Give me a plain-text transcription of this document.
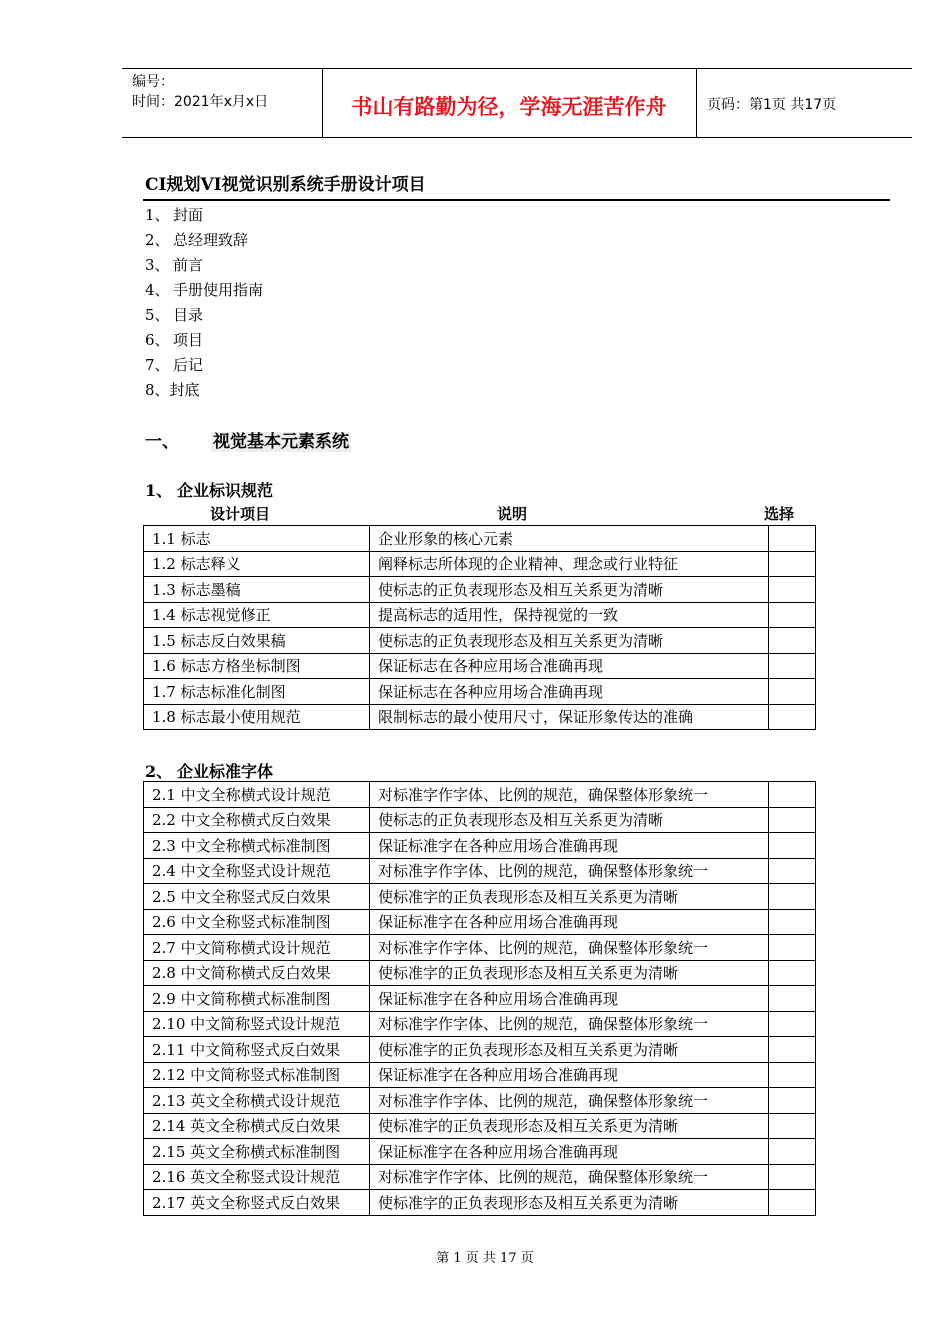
编号：
时间：2021年x月x日	书山有路勤为径，学海无涯苦作舟	页码：第1页 共17页
CI规划VI视觉识别系统手册设计项目
1、 封面
2、 总经理致辞
3、 前言
4、 手册使用指南
5、 目录
6、 项目
7、 后记
8、封底
一、 视觉基本元素系统
1、 企业标识规范
设计项目	说明	选择
1.1 标志	企业形象的核心元素	
1.2 标志释义	阐释标志所体现的企业精神、理念或行业特征	
1.3 标志墨稿	使标志的正负表现形态及相互关系更为清晰	
1.4 标志视觉修正	提高标志的适用性，保持视觉的一致	
1.5 标志反白效果稿	使标志的正负表现形态及相互关系更为清晰	
1.6 标志方格坐标制图	保证标志在各种应用场合准确再现	
1.7 标志标准化制图	保证标志在各种应用场合准确再现	
1.8 标志最小使用规范	限制标志的最小使用尺寸，保证形象传达的准确	
2、 企业标准字体
2.1 中文全称横式设计规范	对标准字作字体、比例的规范，确保整体形象统一	
2.2 中文全称横式反白效果	使标志的正负表现形态及相互关系更为清晰	
2.3 中文全称横式标准制图	保证标准字在各种应用场合准确再现	
2.4 中文全称竖式设计规范	对标准字作字体、比例的规范，确保整体形象统一	
2.5 中文全称竖式反白效果	使标准字的正负表现形态及相互关系更为清晰	
2.6 中文全称竖式标准制图	保证标准字在各种应用场合准确再现	
2.7 中文简称横式设计规范	对标准字作字体、比例的规范，确保整体形象统一	
2.8 中文简称横式反白效果	使标准字的正负表现形态及相互关系更为清晰	
2.9 中文简称横式标准制图	保证标准字在各种应用场合准确再现	
2.10 中文简称竖式设计规范	对标准字作字体、比例的规范，确保整体形象统一	
2.11 中文简称竖式反白效果	使标准字的正负表现形态及相互关系更为清晰	
2.12 中文简称竖式标准制图	保证标准字在各种应用场合准确再现	
2.13 英文全称横式设计规范	对标准字作字体、比例的规范，确保整体形象统一	
2.14 英文全称横式反白效果	使标准字的正负表现形态及相互关系更为清晰	
2.15 英文全称横式标准制图	保证标准字在各种应用场合准确再现	
2.16 英文全称竖式设计规范	对标准字作字体、比例的规范，确保整体形象统一	
2.17 英文全称竖式反白效果	使标准字的正负表现形态及相互关系更为清晰	
第 1 页 共 17 页
